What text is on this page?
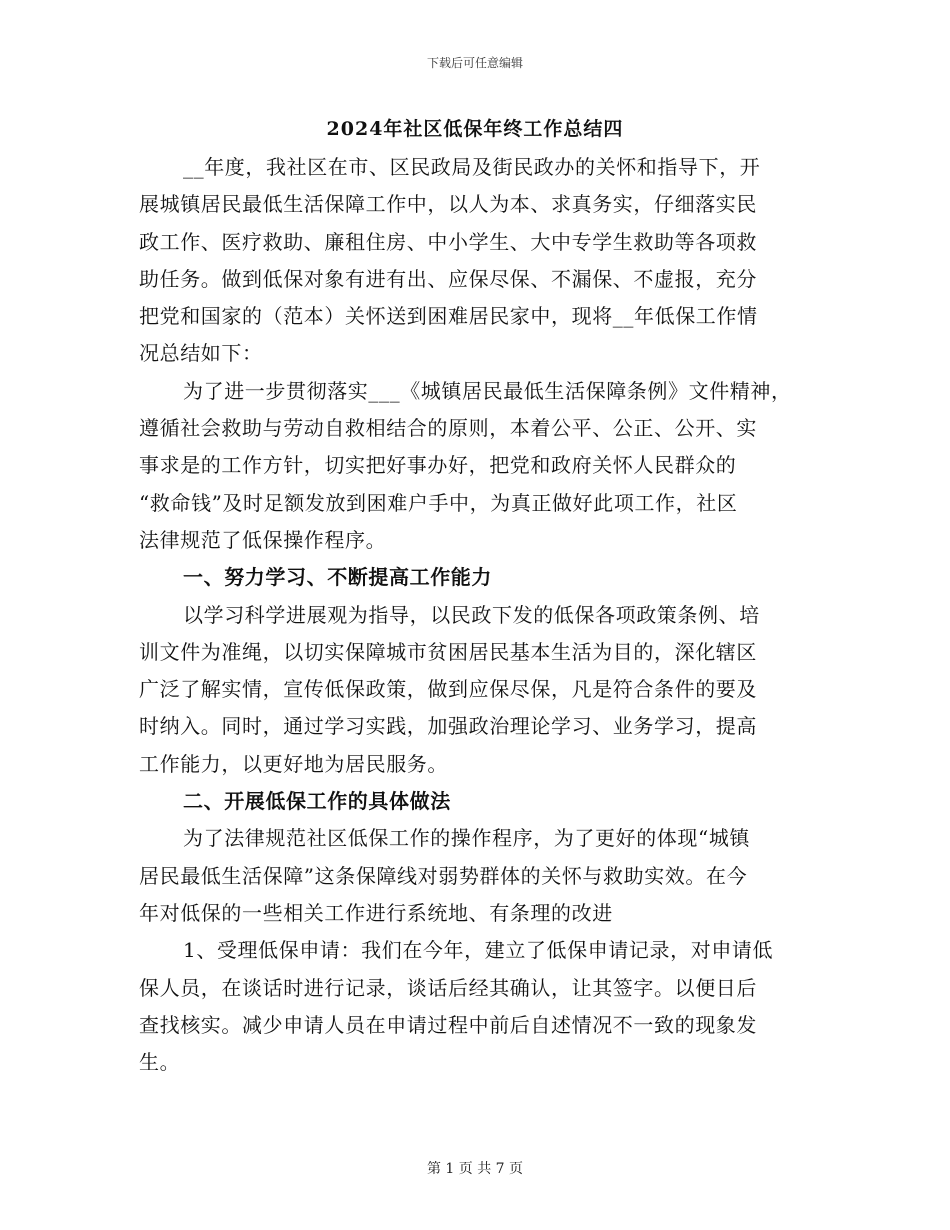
下载后可任意编辑
2024年社区低保年终工作总结四

__年度，我社区在市、区民政局及街民政办的关怀和指导下，开
展城镇居民最低生活保障工作中，以人为本、求真务实，仔细落实民
政工作、医疗救助、廉租住房、中小学生、大中专学生救助等各项救
助任务。做到低保对象有进有出、应保尽保、不漏保、不虚报，充分
把党和国家的（范本）关怀送到困难居民家中，现将__年低保工作情
况总结如下：

为了进一步贯彻落实___《城镇居民最低生活保障条例》文件精神，
遵循社会救助与劳动自救相结合的原则，本着公平、公正、公开、实
事求是的工作方针，切实把好事办好，把党和政府关怀人民群众的
“救命钱”及时足额发放到困难户手中，为真正做好此项工作，社区
法律规范了低保操作程序。

一、努力学习、不断提高工作能力

以学习科学进展观为指导，以民政下发的低保各项政策条例、培
训文件为准绳，以切实保障城市贫困居民基本生活为目的，深化辖区
广泛了解实情，宣传低保政策，做到应保尽保，凡是符合条件的要及
时纳入。同时，通过学习实践，加强政治理论学习、业务学习，提高
工作能力，以更好地为居民服务。

二、开展低保工作的具体做法

为了法律规范社区低保工作的操作程序，为了更好的体现“城镇
居民最低生活保障”这条保障线对弱势群体的关怀与救助实效。在今
年对低保的一些相关工作进行系统地、有条理的改进

1、受理低保申请：我们在今年，建立了低保申请记录，对申请低
保人员，在谈话时进行记录，谈话后经其确认，让其签字。以便日后
查找核实。减少申请人员在申请过程中前后自述情况不一致的现象发
生。

第 1 页 共 7 页
